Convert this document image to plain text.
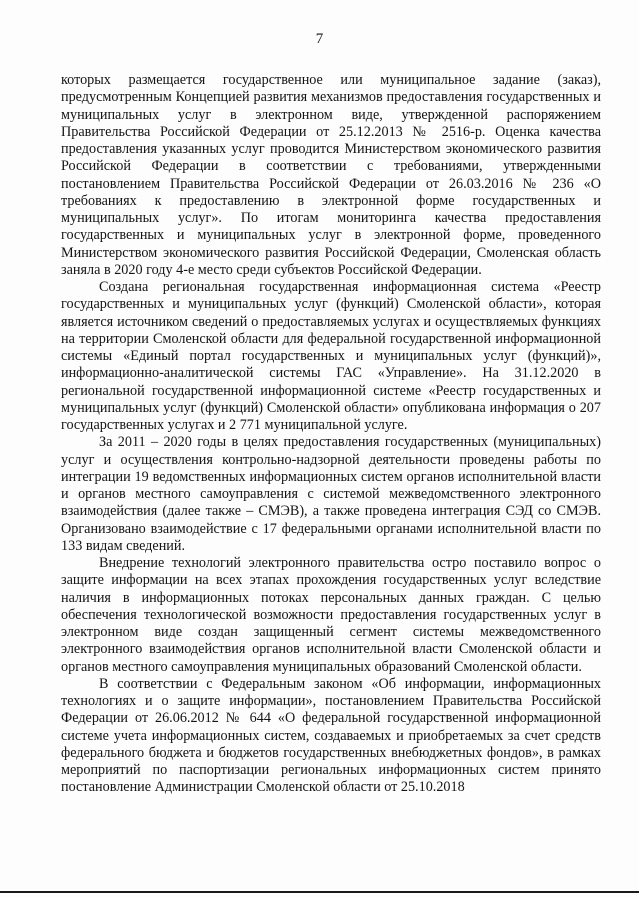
7

которых размещается государственное или муниципальное задание (заказ), предусмотренным Концепцией развития механизмов предоставления государственных и муниципальных услуг в электронном виде, утвержденной распоряжением Правительства Российской Федерации от 25.12.2013 № 2516-р. Оценка качества предоставления указанных услуг проводится Министерством экономического развития Российской Федерации в соответствии с требованиями, утвержденными постановлением Правительства Российской Федерации от 26.03.2016 № 236 «О требованиях к предоставлению в электронной форме государственных и муниципальных услуг». По итогам мониторинга качества предоставления государственных и муниципальных услуг в электронной форме, проведенного Министерством экономического развития Российской Федерации, Смоленская область заняла в 2020 году 4-е место среди субъектов Российской Федерации.

Создана региональная государственная информационная система «Реестр государственных и муниципальных услуг (функций) Смоленской области», которая является источником сведений о предоставляемых услугах и осуществляемых функциях на территории Смоленской области для федеральной государственной информационной системы «Единый портал государственных и муниципальных услуг (функций)», информационно-аналитической системы ГАС «Управление». На 31.12.2020 в региональной государственной информационной системе «Реестр государственных и муниципальных услуг (функций) Смоленской области» опубликована информация о 207 государственных услугах и 2 771 муниципальной услуге.

За 2011 – 2020 годы в целях предоставления государственных (муниципальных) услуг и осуществления контрольно-надзорной деятельности проведены работы по интеграции 19 ведомственных информационных систем органов исполнительной власти и органов местного самоуправления с системой межведомственного электронного взаимодействия (далее также – СМЭВ), а также проведена интеграция СЭД со СМЭВ. Организовано взаимодействие с 17 федеральными органами исполнительной власти по 133 видам сведений.

Внедрение технологий электронного правительства остро поставило вопрос о защите информации на всех этапах прохождения государственных услуг вследствие наличия в информационных потоках персональных данных граждан. С целью обеспечения технологической возможности предоставления государственных услуг в электронном виде создан защищенный сегмент системы межведомственного электронного взаимодействия органов исполнительной власти Смоленской области и органов местного самоуправления муниципальных образований Смоленской области.

В соответствии с Федеральным законом «Об информации, информационных технологиях и о защите информации», постановлением Правительства Российской Федерации от 26.06.2012 № 644 «О федеральной государственной информационной системе учета информационных систем, создаваемых и приобретаемых за счет средств федерального бюджета и бюджетов государственных внебюджетных фондов», в рамках мероприятий по паспортизации региональных информационных систем принято постановление Администрации Смоленской области от 25.10.2018
